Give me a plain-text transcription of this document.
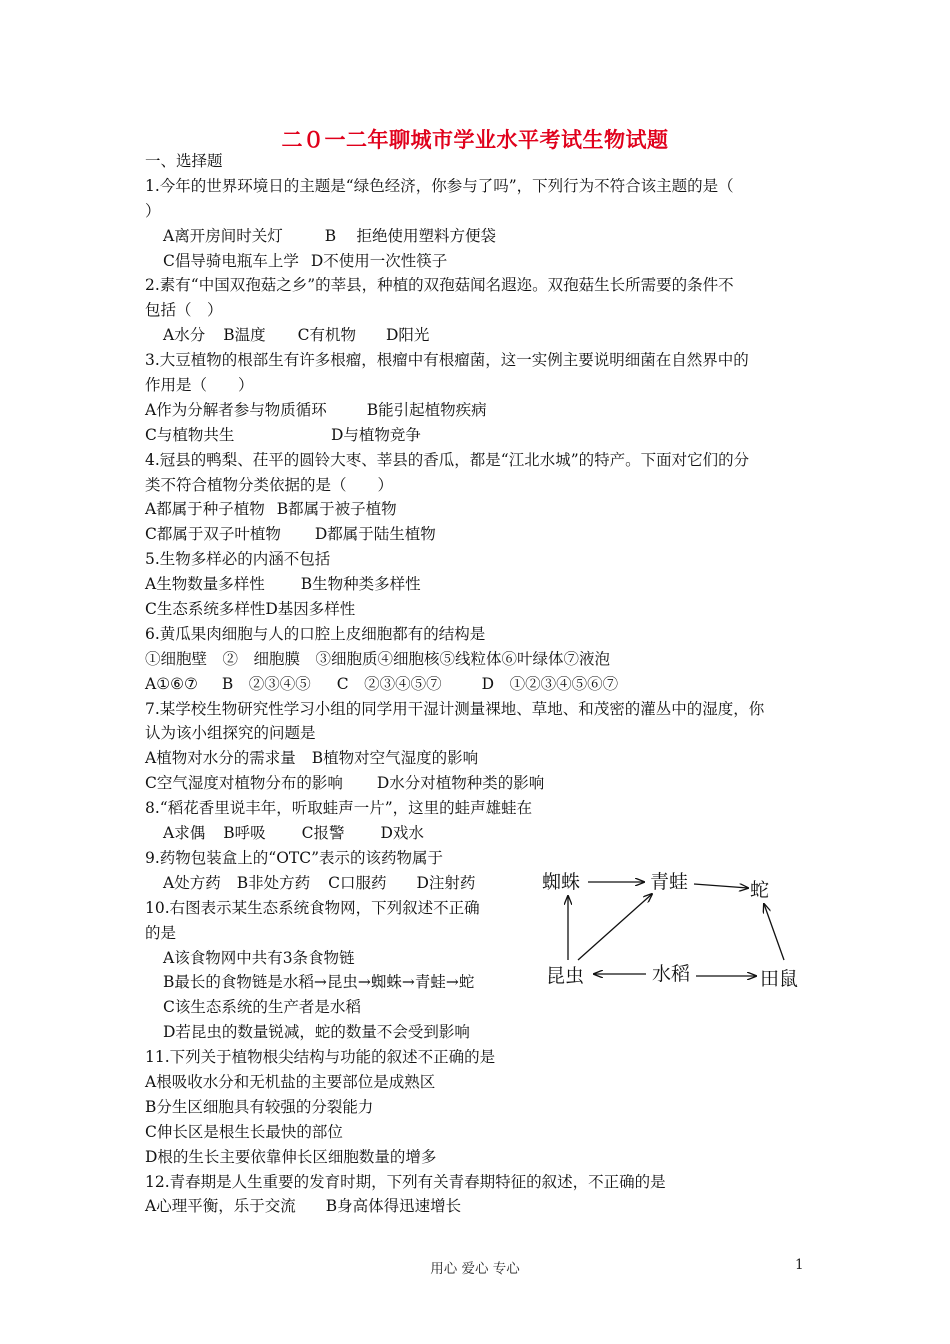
二０一二年聊城市学业水平考试生物试题
一、选择题
1.今年的世界环境日的主题是“绿色经济，你参与了吗”，下列行为不符合该主题的是（
）
A离开房间时关灯	B　 拒绝使用塑料方便袋
C倡导骑电瓶车上学 D不使用一次性筷子
2.素有“中国双孢菇之乡”的莘县，种植的双孢菇闻名遐迩。双孢菇生长所需要的条件不
包括（　）
A水分 B温度 C有机物 D阳光
3.大豆植物的根部生有许多根瘤，根瘤中有根瘤菌，这一实例主要说明细菌在自然界中的
作用是（　　）
A作为分解者参与物质循环	B能引起植物疾病
C与植物共生	D与植物竞争
4.冠县的鸭梨、茌平的圆铃大枣、莘县的香瓜，都是“江北水城”的特产。下面对它们的分
类不符合植物分类依据的是（　　）
A都属于种子植物 B都属于被子植物
C都属于双子叶植物 D都属于陆生植物
5.生物多样必的内涵不包括
A生物数量多样性 B生物种类多样性
C生态系统多样性D基因多样性
6.黄瓜果肉细胞与人的口腔上皮细胞都有的结构是
①细胞壁　②　细胞膜　③细胞质④细胞核⑤线粒体⑥叶绿体⑦液泡
A①⑥⑦ B　②③④⑤ C　②③④⑤⑦	D　①②③④⑤⑥⑦
7.某学校生物研究性学习小组的同学用干湿计测量裸地、草地、和茂密的灌丛中的湿度，你
认为该小组探究的问题是
A植物对水分的需求量 B植物对空气湿度的影响
C空气湿度对植物分布的影响 D水分对植物种类的影响
8.“稻花香里说丰年，听取蛙声一片”，这里的蛙声雄蛙在
A求偶 B呼吸 C报警 D戏水
9.药物包装盒上的“OTC”表示的该药物属于
A处方药 B非处方药 C口服药 D注射药
10.右图表示某生态系统食物网，下列叙述不正确
的是
A该食物网中共有3条食物链
B最长的食物链是水稻→昆虫→蜘蛛→青蛙→蛇
C该生态系统的生产者是水稻
D若昆虫的数量锐减，蛇的数量不会受到影响
11.下列关于植物根尖结构与功能的叙述不正确的是
A根吸收水分和无机盐的主要部位是成熟区
B分生区细胞具有较强的分裂能力
C伸长区是根生长最快的部位
D根的生长主要依靠伸长区细胞数量的增多
12.青春期是人生重要的发育时期，下列有关青春期特征的叙述，不正确的是
A心理平衡，乐于交流 B身高体得迅速增长
蜘蛛	青蛙	蛇
昆虫	水稻	田鼠
用心 爱心 专心	1
